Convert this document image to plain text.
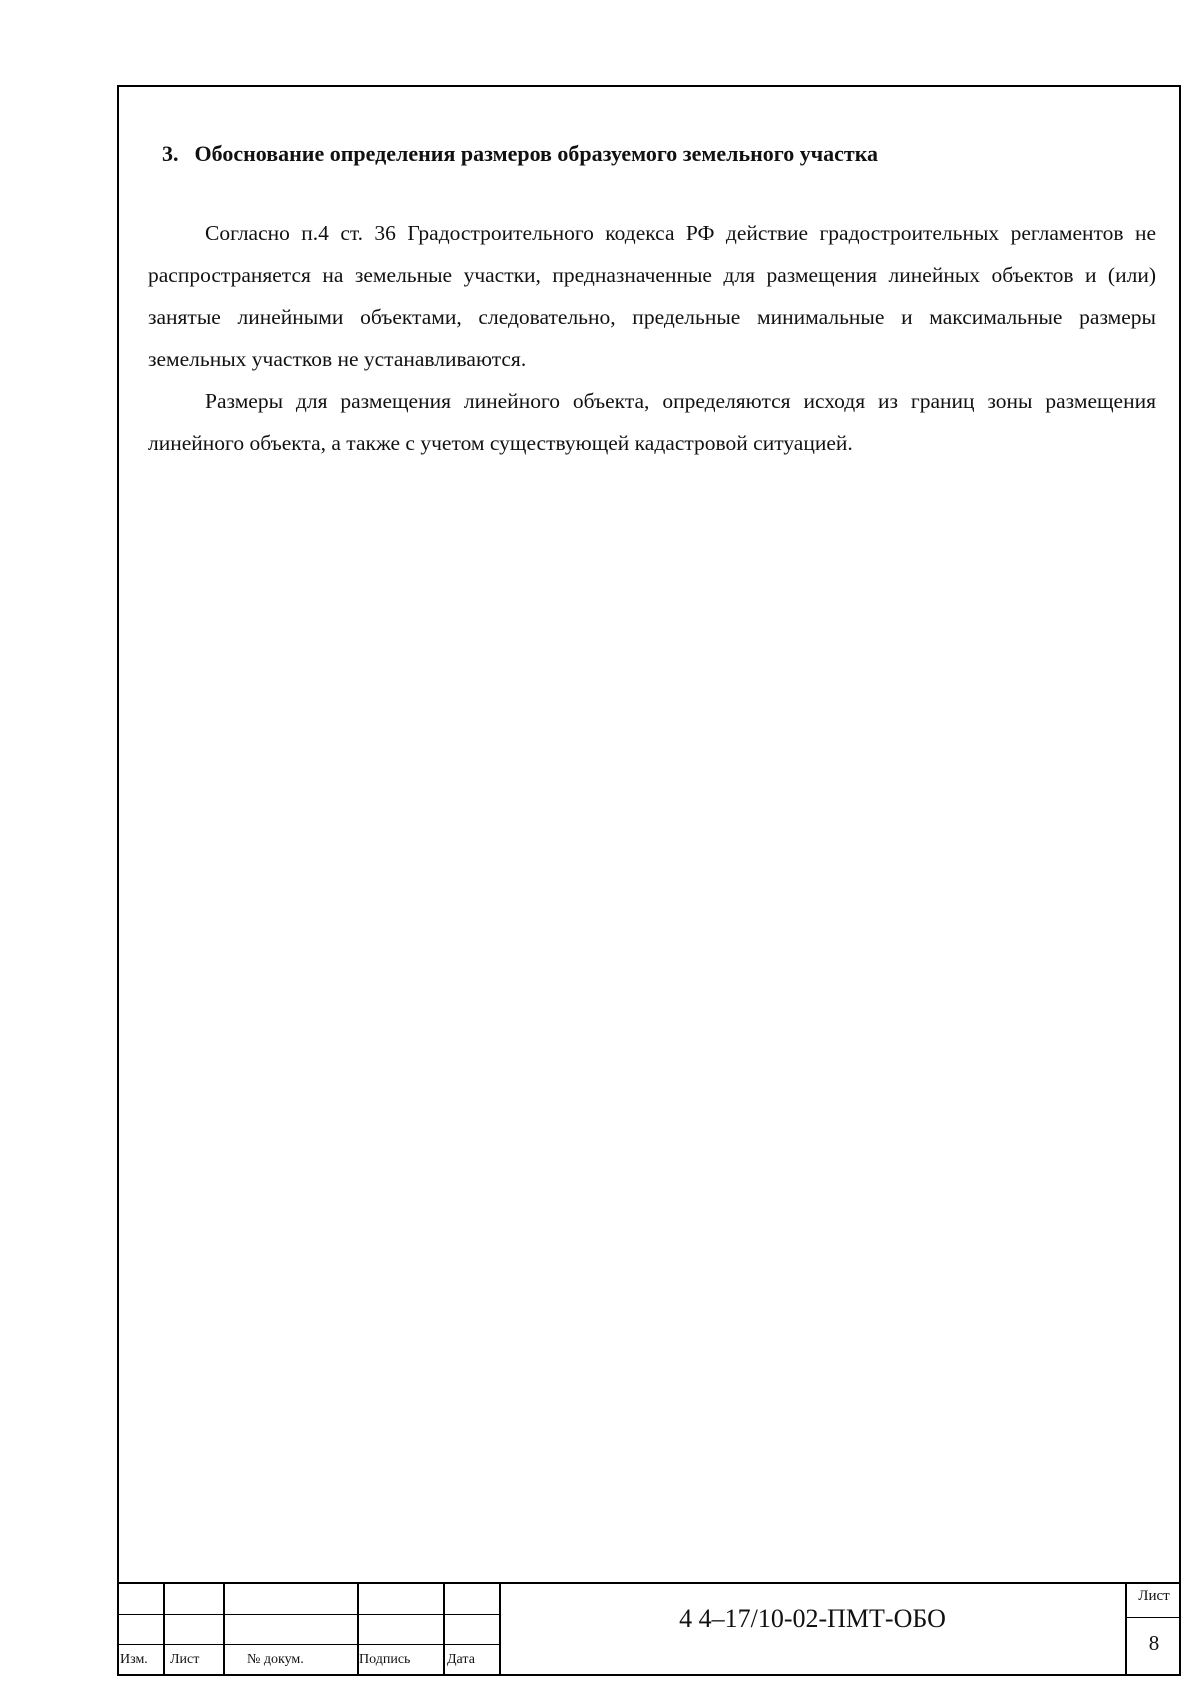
3. Обоснование определения размеров образуемого земельного участка

Согласно п.4 ст. 36 Градостроительного кодекса РФ действие градостроительных регламентов не распространяется на земельные участки, предназначенные для размещения линейных объектов и (или) занятые линейными объектами, следовательно, предельные минимальные и максимальные размеры земельных участков не устанавливаются.

Размеры для размещения линейного объекта, определяются исходя из границ зоны размещения линейного объекта, а также с учетом существующей кадастровой ситуацией.

Изм. Лист	№ докум.	Подпись	Дата
4 4–17/10-02-ПМТ-ОБО
Лист
8
